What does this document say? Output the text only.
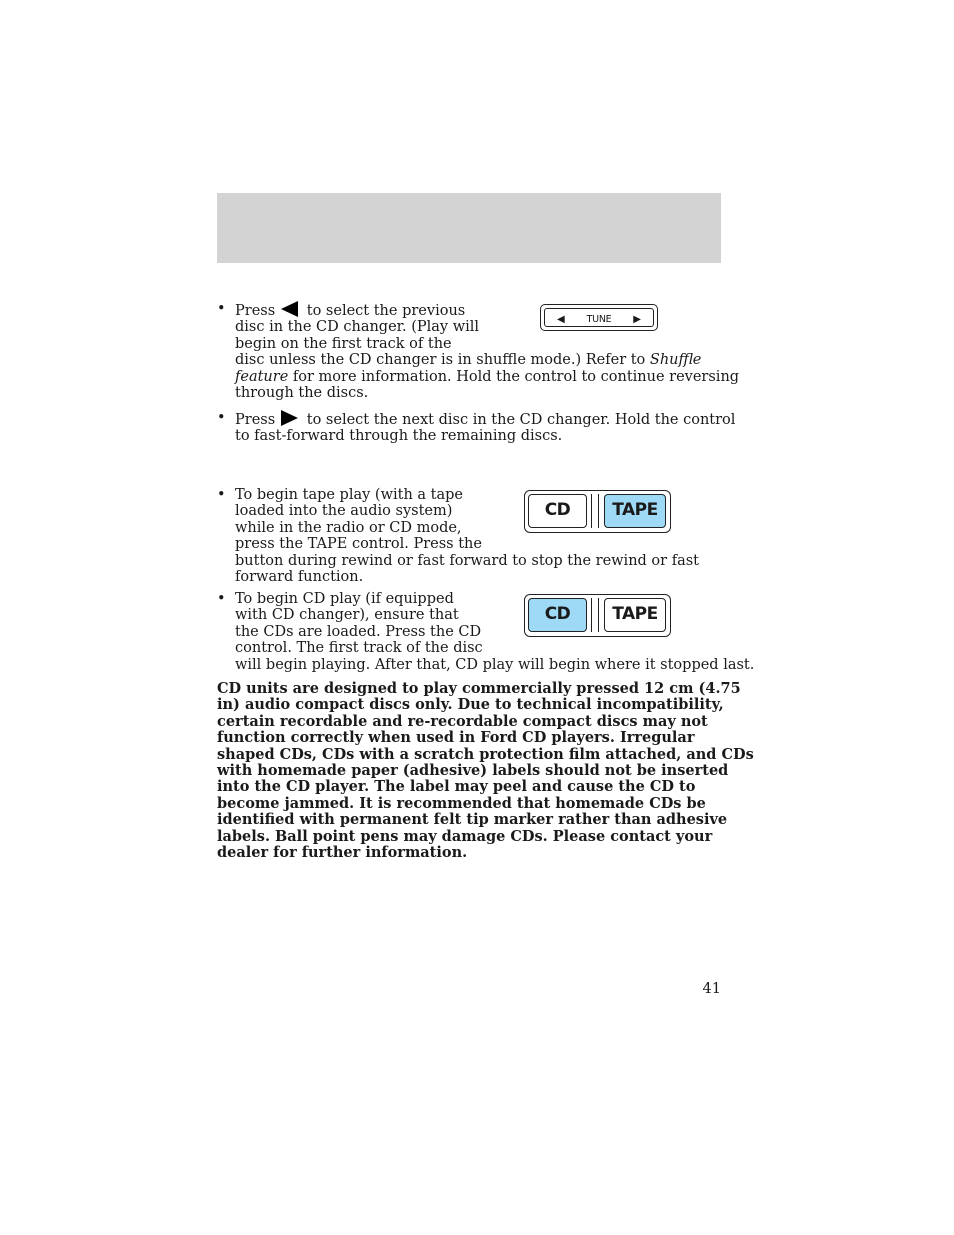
• Press to select the previous
disc in the CD changer. (Play will
begin on the first track of the
disc unless the CD changer is in shuffle mode.) Refer to Shuffle
feature for more information. Hold the control to continue reversing
through the discs.
◀	TUNE	▶
• Press to select the next disc in the CD changer. Hold the control
to fast-forward through the remaining discs.
• To begin tape play (with a tape
loaded into the audio system)
while in the radio or CD mode,
press the TAPE control. Press the
button during rewind or fast forward to stop the rewind or fast
forward function.
CD	TAPE
• To begin CD play (if equipped
with CD changer), ensure that
the CDs are loaded. Press the CD
control. The first track of the disc
will begin playing. After that, CD play will begin where it stopped last.
CD	TAPE
CD units are designed to play commercially pressed 12 cm (4.75
in) audio compact discs only. Due to technical incompatibility,
certain recordable and re-recordable compact discs may not
function correctly when used in Ford CD players. Irregular
shaped CDs, CDs with a scratch protection film attached, and CDs
with homemade paper (adhesive) labels should not be inserted
into the CD player. The label may peel and cause the CD to
become jammed. It is recommended that homemade CDs be
identified with permanent felt tip marker rather than adhesive
labels. Ball point pens may damage CDs. Please contact your
dealer for further information.
41
